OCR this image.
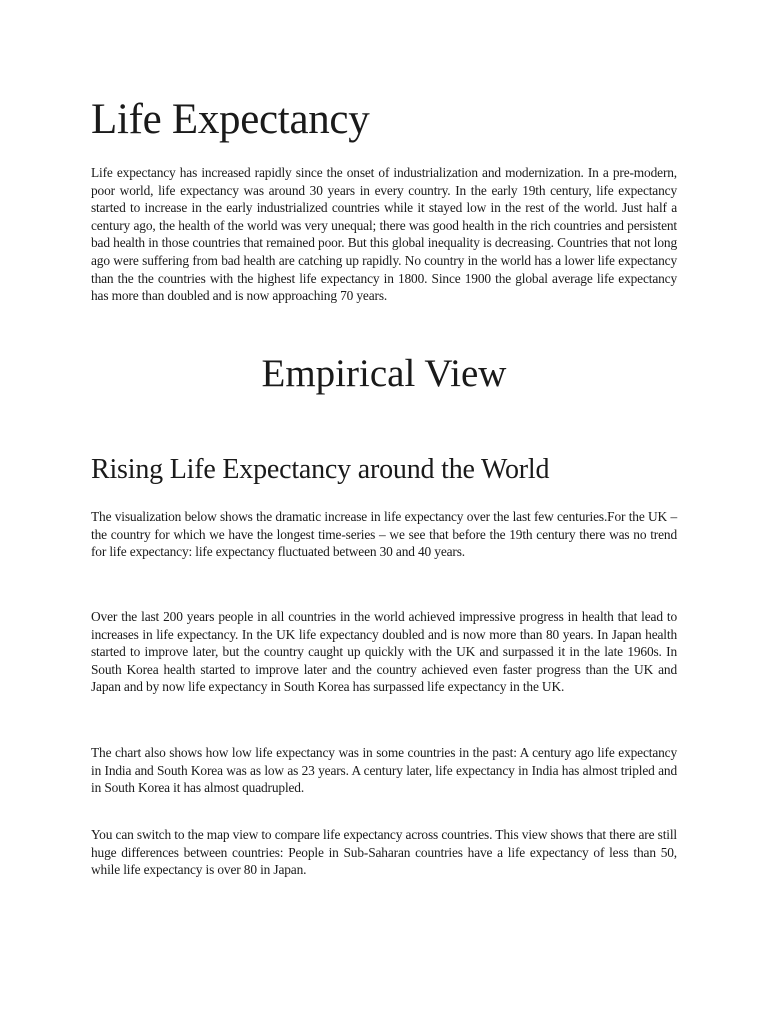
Life Expectancy

Life expectancy has increased rapidly since the onset of industrialization and modernization. In a pre-modern, poor world, life expectancy was around 30 years in every country. In the early 19th century, life expectancy started to increase in the early industrialized countries while it stayed low in the rest of the world. Just half a century ago, the health of the world was very unequal; there was good health in the rich countries and persistent bad health in those countries that remained poor. But this global inequality is decreasing. Countries that not long ago were suffering from bad health are catching up rapidly. No country in the world has a lower life expectancy than the the countries with the highest life expectancy in 1800. Since 1900 the global average life expectancy has more than doubled and is now approaching 70 years.

Empirical View
Rising Life Expectancy around the World

The visualization below shows the dramatic increase in life expectancy over the last few centuries.For the UK – the country for which we have the longest time-series – we see that before the 19th century there was no trend for life expectancy: life expectancy fluctuated between 30 and 40 years.

Over the last 200 years people in all countries in the world achieved impressive progress in health that lead to increases in life expectancy. In the UK life expectancy doubled and is now more than 80 years. In Japan health started to improve later, but the country caught up quickly with the UK and surpassed it in the late 1960s. In South Korea health started to improve later and the country achieved even faster progress than the UK and Japan and by now life expectancy in South Korea has surpassed life expectancy in the UK.

The chart also shows how low life expectancy was in some countries in the past: A century ago life expectancy in India and South Korea was as low as 23 years. A century later, life expectancy in India has almost tripled and in South Korea it has almost quadrupled.

You can switch to the map view to compare life expectancy across countries. This view shows that there are still huge differences between countries: People in Sub-Saharan countries have a life expectancy of less than 50, while life expectancy is over 80 in Japan.
